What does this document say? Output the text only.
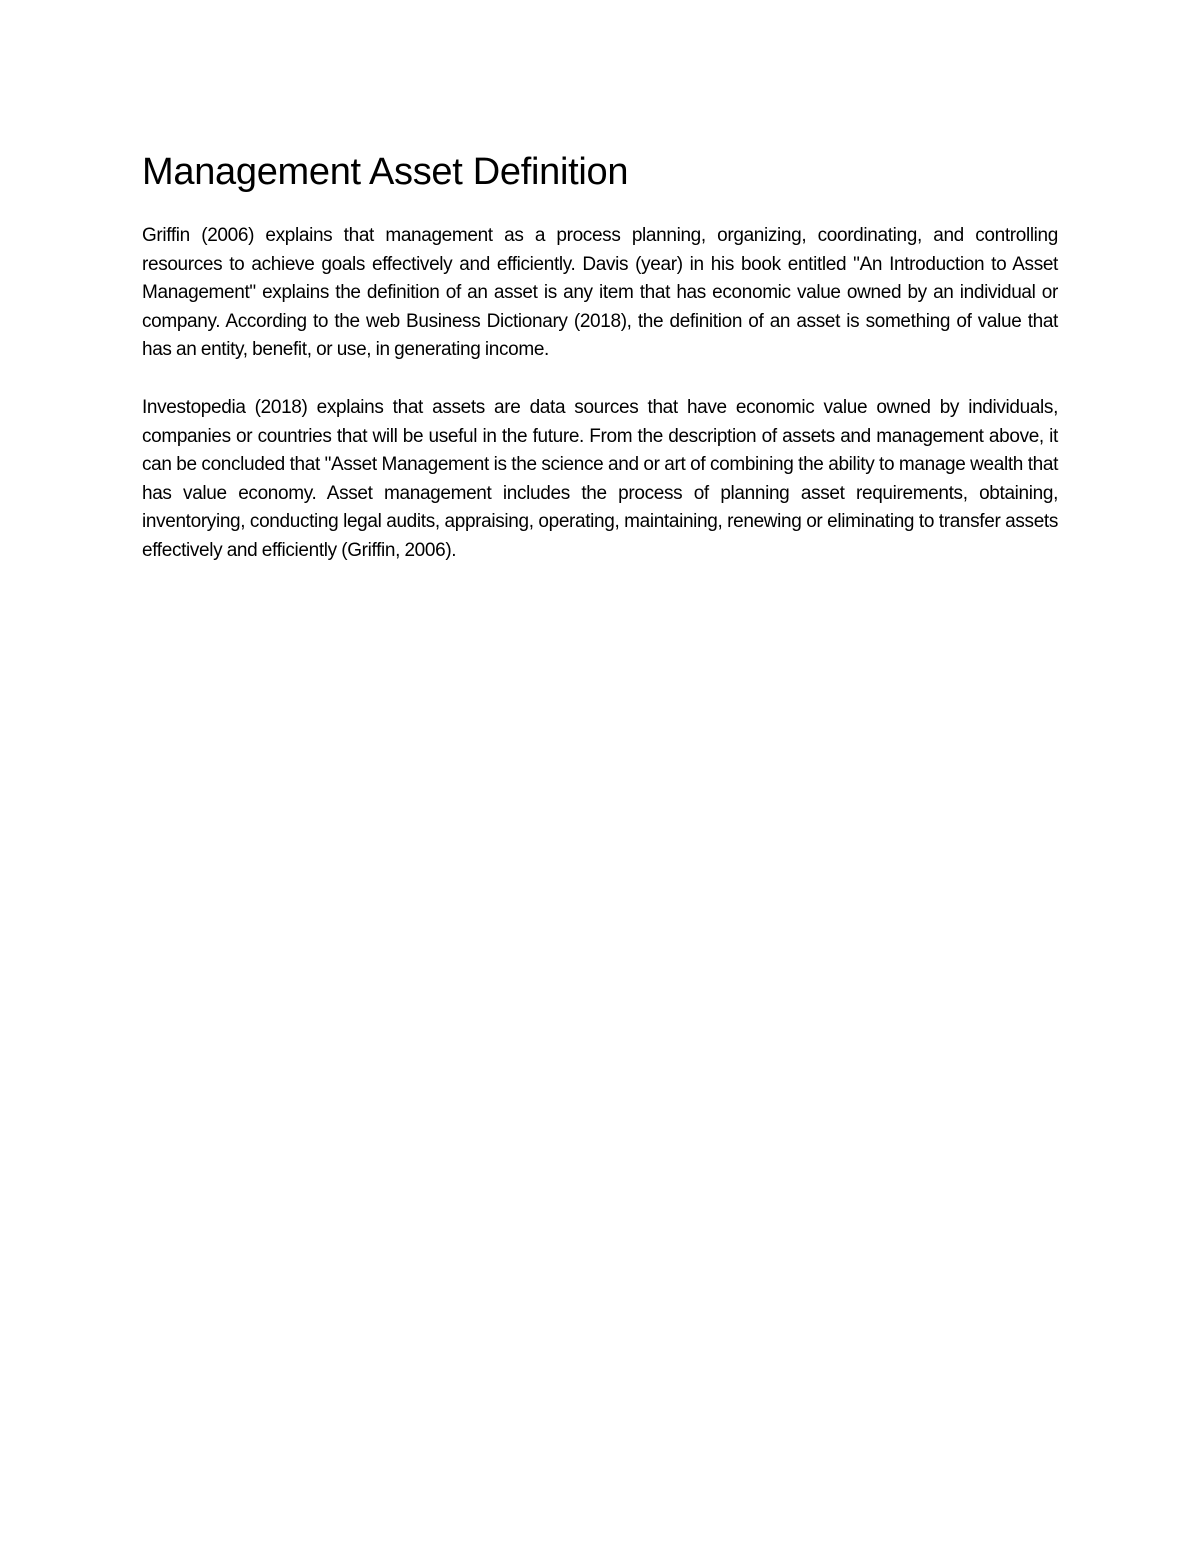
Management Asset Definition

Griffin (2006) explains that management as a process planning, organizing, coordinating, and controlling resources to achieve goals effectively and efficiently. Davis (year) in his book entitled "An Introduction to Asset Management" explains the definition of an asset is any item that has economic value owned by an individual or company. According to the web Business Dictionary (2018), the definition of an asset is something of value that has an entity, benefit, or use, in generating income.

Investopedia (2018) explains that assets are data sources that have economic value owned by individuals, companies or countries that will be useful in the future. From the description of assets and management above, it can be concluded that "Asset Management is the science and or art of combining the ability to manage wealth that has value economy. Asset management includes the process of planning asset requirements, obtaining, inventorying, conducting legal audits, appraising, operating, maintaining, renewing or eliminating to transfer assets effectively and efficiently (Griffin, 2006).
